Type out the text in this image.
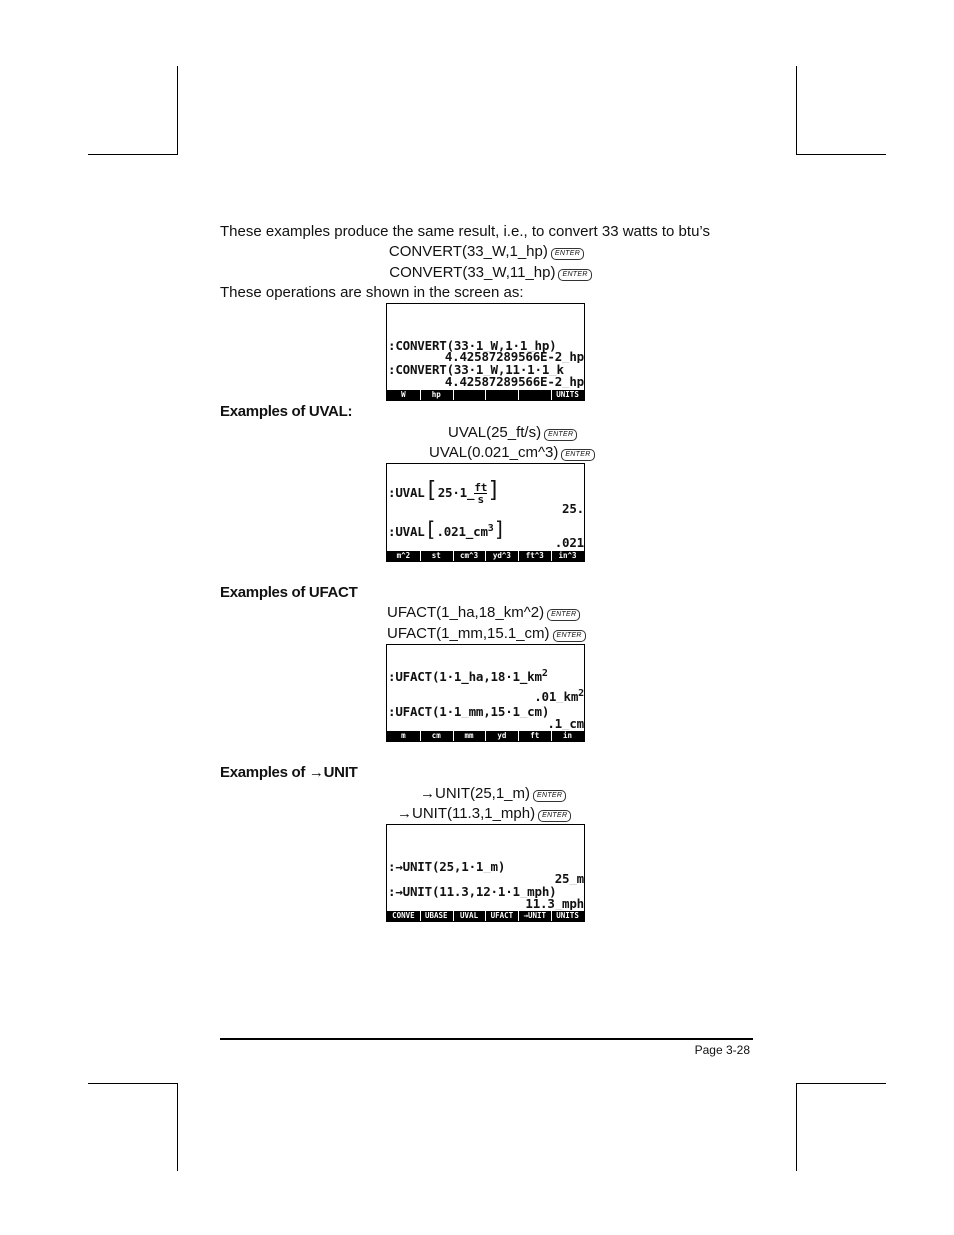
These examples produce the same result, i.e., to convert 33 watts to btu’s
CONVERT(33_W,1_hp) ENTER
CONVERT(33_W,11_hp) ENTER
These operations are shown in the screen as:
:CONVERT(33·1_W,1·1_hp)
4.42587289566E-2_hp
:CONVERT(33·1_W,11·1·1_k
4.42587289566E-2_hp
W	hp	UNITS
Examples of UVAL:
UVAL(25_ft/s) ENTER
UVAL(0.021_cm^3) ENTER
:UVAL[25·1_ $\frac{ft}{s}$ ]
25.
$:UVAL[.021\_cm^3]$
.021
m^2	st	cm^3	yd^3	ft^3	in^3
Examples of UFACT
UFACT(1_ha,18_km^2) ENTER
UFACT(1_mm,15.1_cm) ENTER
$:UFACT(1\cdot 1\_ha,18\cdot 1\_km^2$
$.01\_km^2$
:UFACT(1·1_mm,15·1_cm)
.1_cm
m	cm	mm	yd	ft	in
Examples of →UNIT
→UNIT(25,1_m) ENTER
→UNIT(11.3,1_mph) ENTER
:→UNIT(25,1·1_m)
25_m
:→UNIT(11.3,12·1·1_mph)
11.3_mph
CONVE	UBASE	UVAL	UFACT	→UNIT	UNITS
Page 3-28
